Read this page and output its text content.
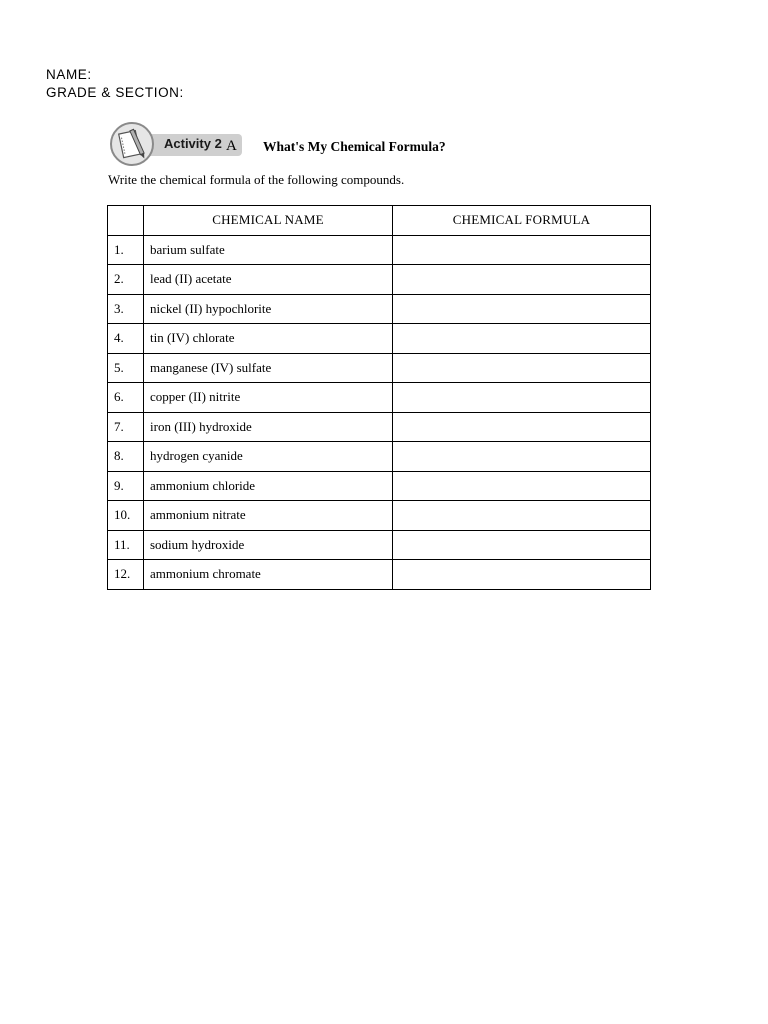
NAME:
GRADE & SECTION:
Activity 2 A What's My Chemical Formula?
Write the chemical formula of the following compounds.
	CHEMICAL NAME	CHEMICAL FORMULA
1.	barium sulfate	
2.	lead (II) acetate	
3.	nickel (II) hypochlorite	
4.	tin (IV) chlorate	
5.	manganese (IV) sulfate	
6.	copper (II) nitrite	
7.	iron (III) hydroxide	
8.	hydrogen cyanide	
9.	ammonium chloride	
10.	ammonium nitrate	
11.	sodium hydroxide	
12.	ammonium chromate	
